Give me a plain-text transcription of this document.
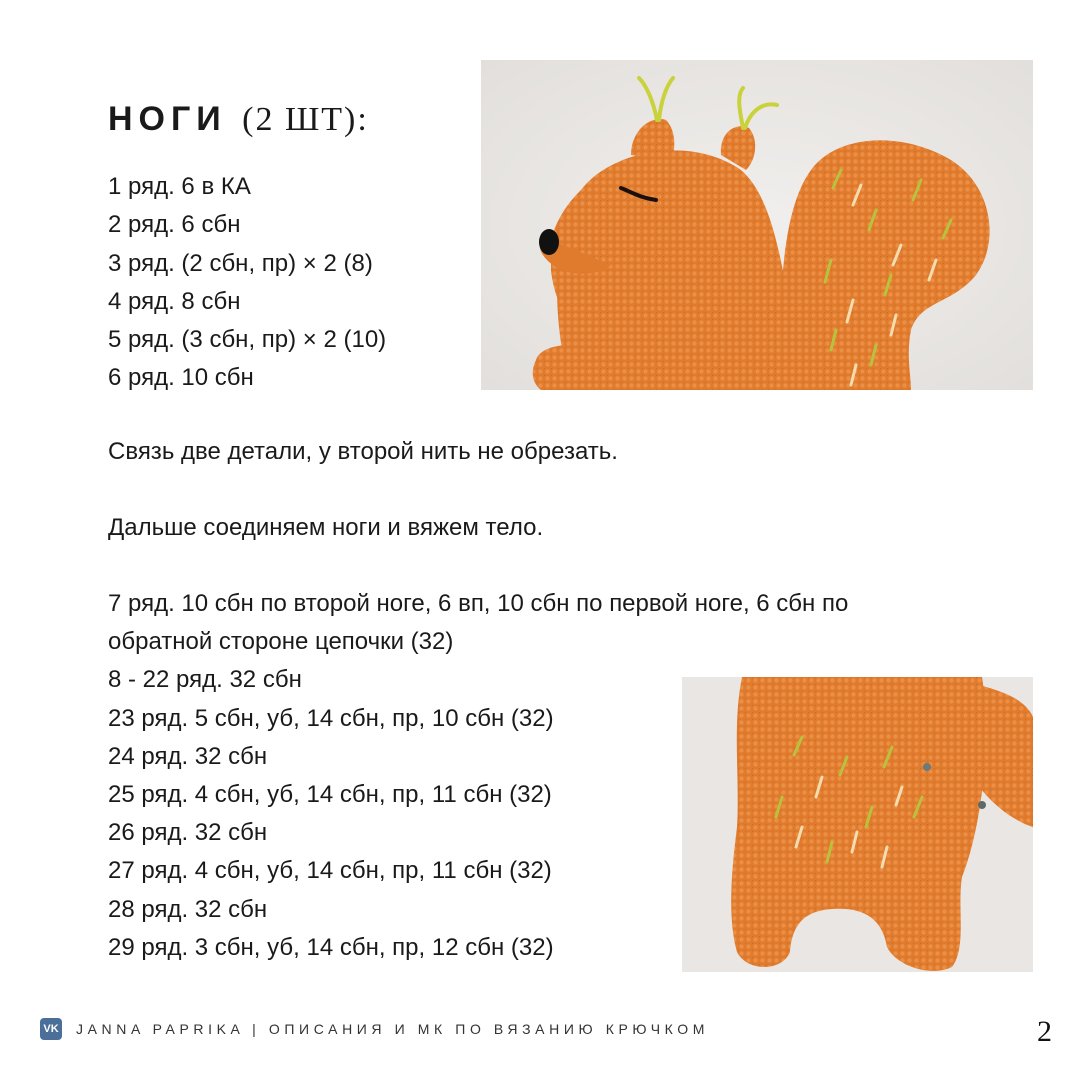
НОГИ (2 ШТ):
1 ряд. 6 в КА
2 ряд. 6 сбн
3 ряд. (2 сбн, пр) × 2 (8)
4 ряд. 8 сбн
5 ряд. (3 сбн, пр) × 2 (10)
6 ряд. 10 сбн
Связь две детали, у второй нить не обрезать.
Дальше соединяем ноги и вяжем тело.
7 ряд. 10 сбн по второй ноге, 6 вп, 10 сбн по первой ноге, 6 сбн по
обратной стороне цепочки (32)
8 - 22 ряд. 32 сбн
23 ряд. 5 сбн, уб, 14 сбн, пр, 10 сбн (32)
24 ряд. 32 сбн
25 ряд. 4 сбн, уб, 14 сбн, пр, 11 сбн (32)
26 ряд. 32 сбн
27 ряд. 4 сбн, уб, 14 сбн, пр, 11 сбн (32)
28 ряд. 32 сбн
29 ряд. 3 сбн, уб, 14 сбн, пр, 12 сбн (32)
VK JANNA PAPRIKA | ОПИСАНИЯ И МК ПО ВЯЗАНИЮ КРЮЧКОМ	2
